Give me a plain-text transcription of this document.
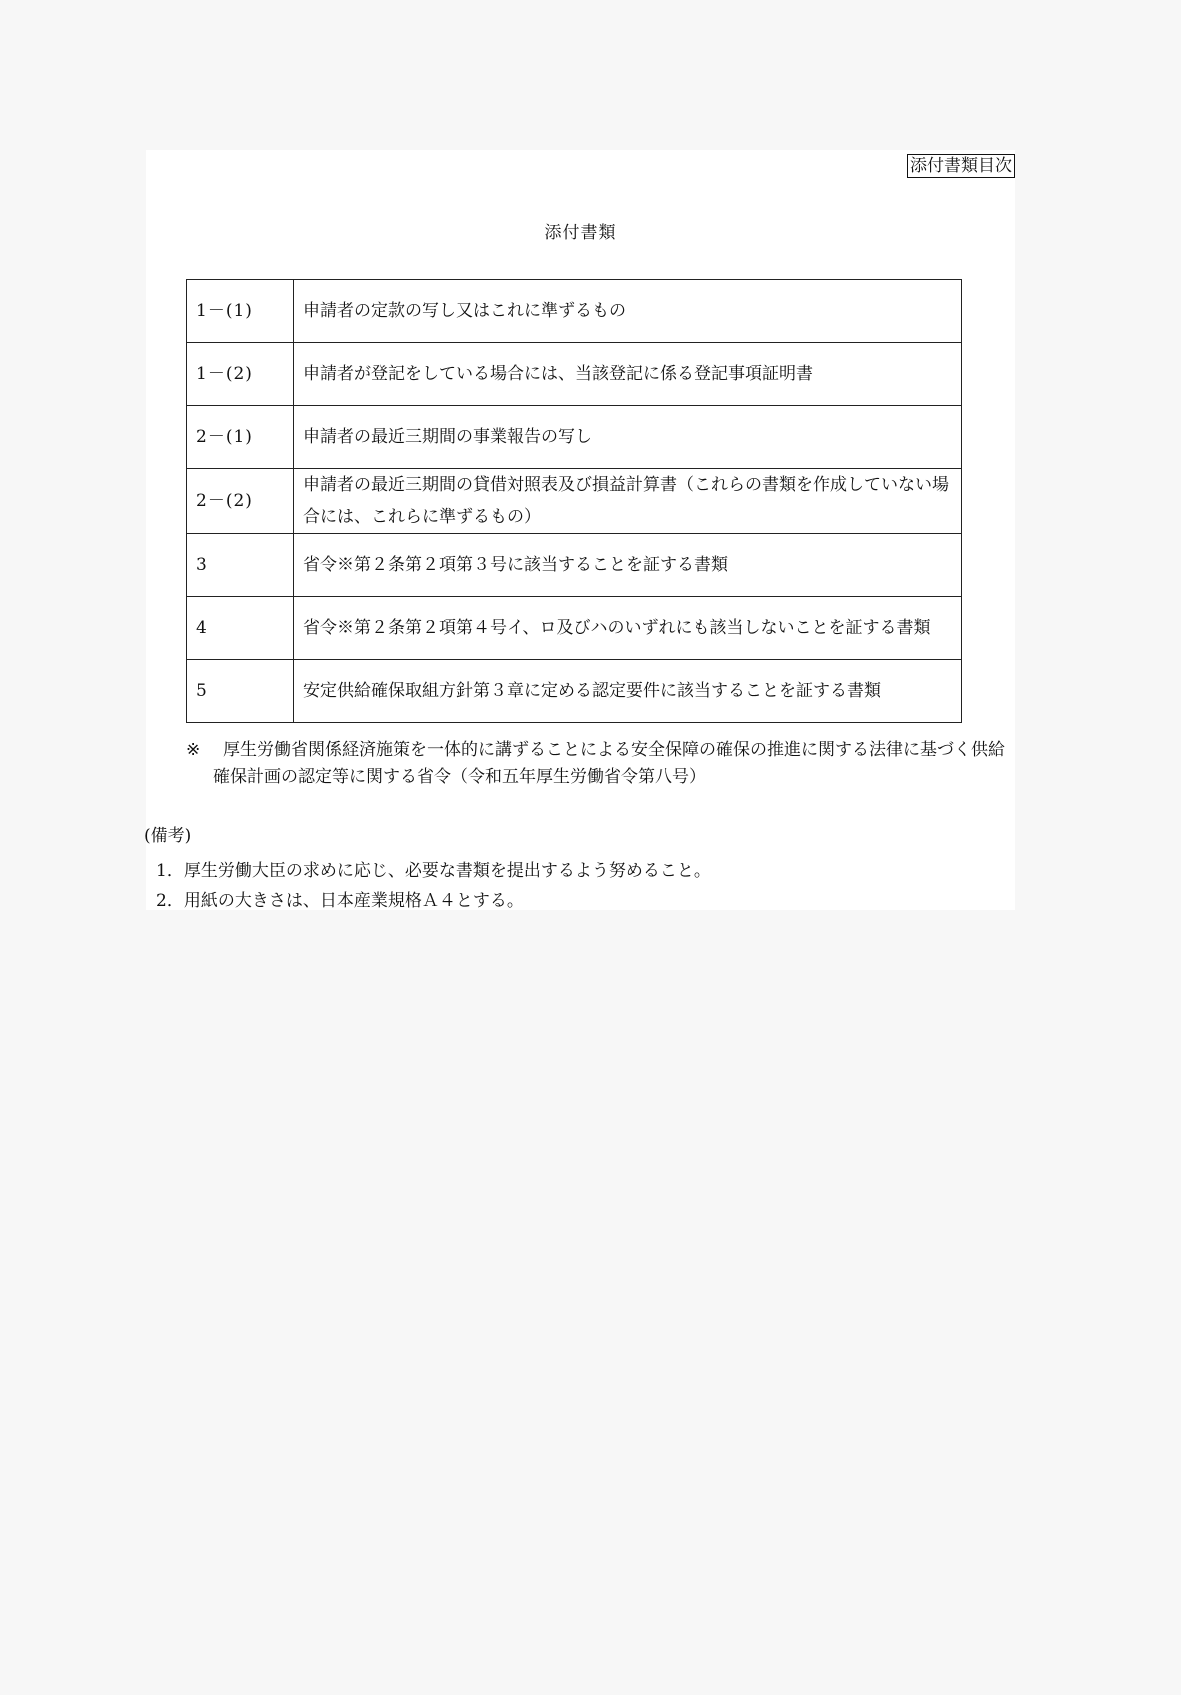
添付書類目次
添付書類
1－(1)	申請者の定款の写し又はこれに準ずるもの
1－(2)	申請者が登記をしている場合には、当該登記に係る登記事項証明書
2－(1)	申請者の最近三期間の事業報告の写し
2－(2)	申請者の最近三期間の貸借対照表及び損益計算書（これらの書類を作成していない場合には、これらに準ずるもの）
3	省令※第２条第２項第３号に該当することを証する書類
4	省令※第２条第２項第４号イ、ロ及びハのいずれにも該当しないことを証する書類
5	安定供給確保取組方針第３章に定める認定要件に該当することを証する書類
※	厚生労働省関係経済施策を一体的に講ずることによる安全保障の確保の推進に関する法律に基づく供給確保計画の認定等に関する省令（令和五年厚生労働省令第八号）
(備考)
1．厚生労働大臣の求めに応じ、必要な書類を提出するよう努めること。
2．用紙の大きさは、日本産業規格Ａ４とする。
